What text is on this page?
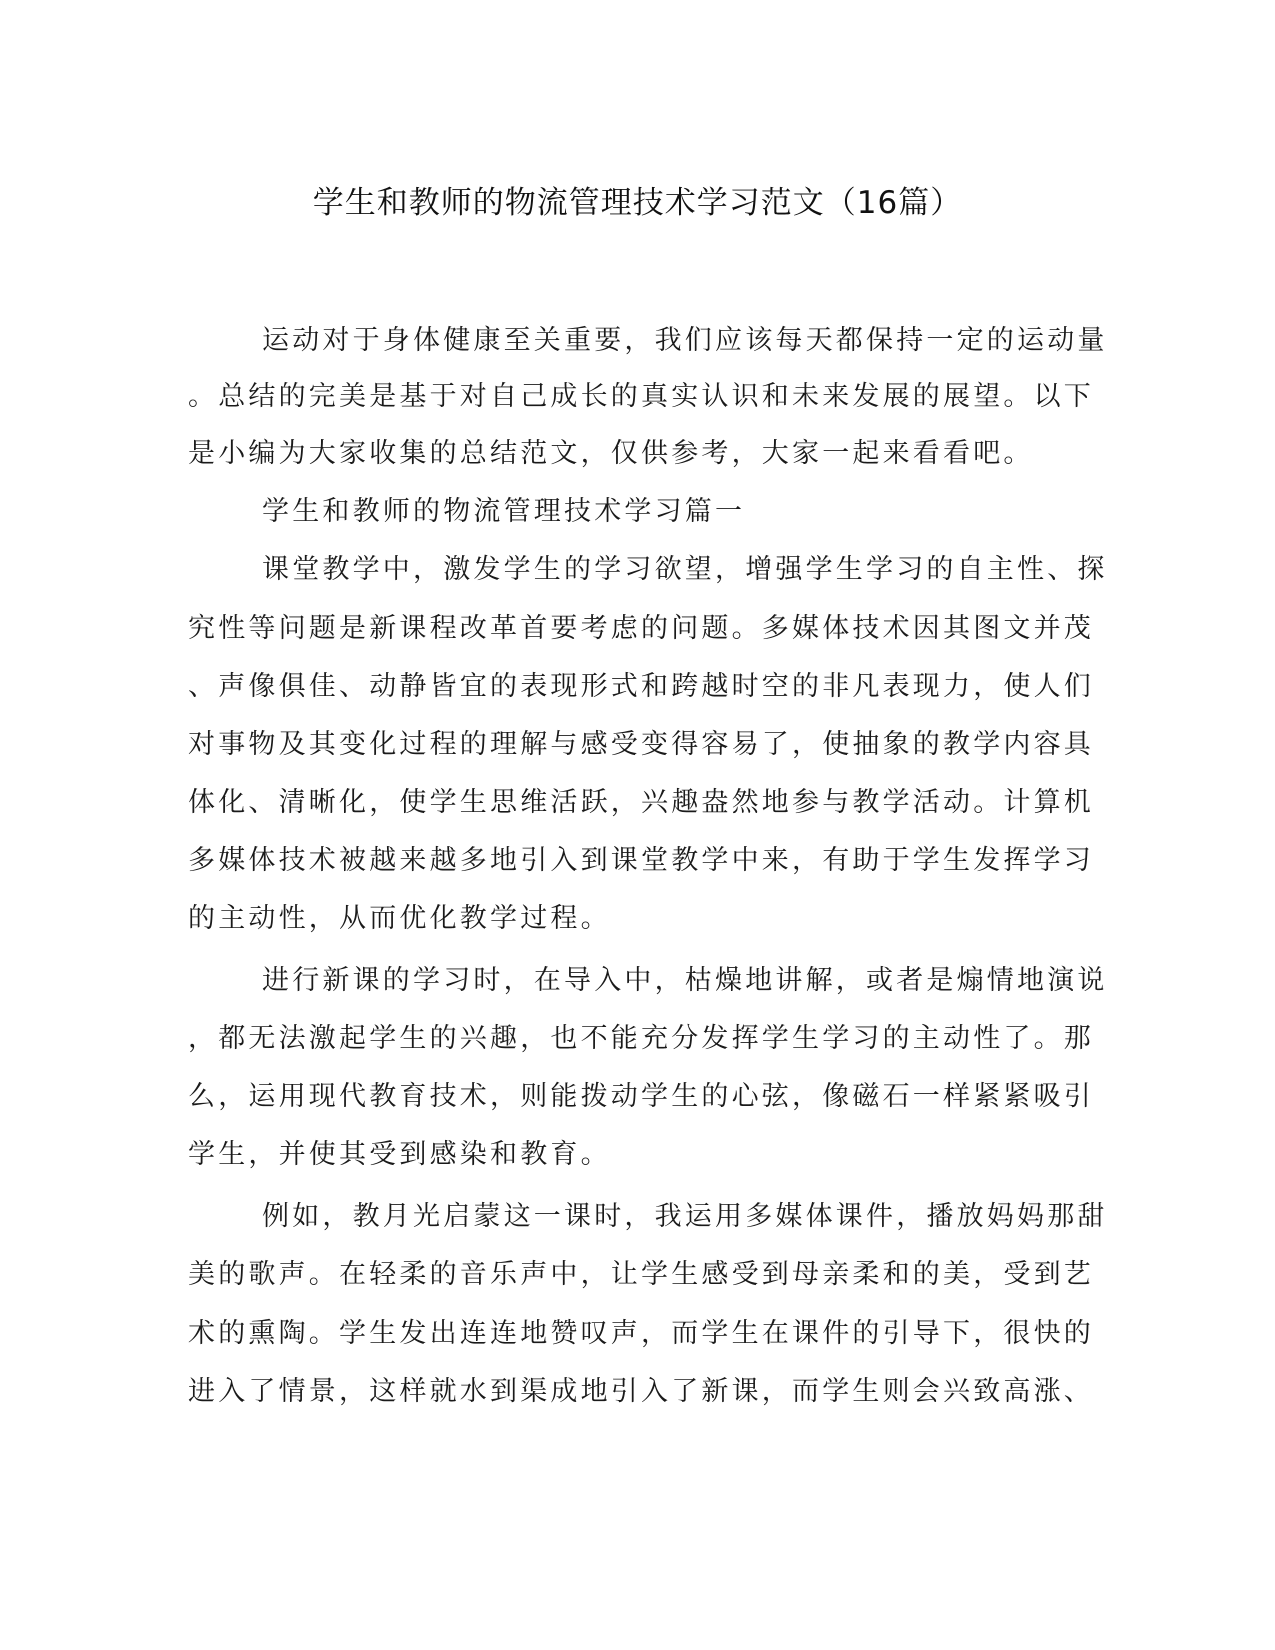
学生和教师的物流管理技术学习范文（16篇）
运动对于身体健康至关重要，我们应该每天都保持一定的运动量
。总结的完美是基于对自己成长的真实认识和未来发展的展望。以下
是小编为大家收集的总结范文，仅供参考，大家一起来看看吧。
学生和教师的物流管理技术学习篇一
课堂教学中，激发学生的学习欲望，增强学生学习的自主性、探
究性等问题是新课程改革首要考虑的问题。多媒体技术因其图文并茂
、声像俱佳、动静皆宜的表现形式和跨越时空的非凡表现力，使人们
对事物及其变化过程的理解与感受变得容易了，使抽象的教学内容具
体化、清晰化，使学生思维活跃，兴趣盎然地参与教学活动。计算机
多媒体技术被越来越多地引入到课堂教学中来，有助于学生发挥学习
的主动性，从而优化教学过程。
进行新课的学习时，在导入中，枯燥地讲解，或者是煽情地演说
，都无法激起学生的兴趣，也不能充分发挥学生学习的主动性了。那
么，运用现代教育技术，则能拨动学生的心弦，像磁石一样紧紧吸引
学生，并使其受到感染和教育。
例如，教月光启蒙这一课时，我运用多媒体课件，播放妈妈那甜
美的歌声。在轻柔的音乐声中，让学生感受到母亲柔和的美，受到艺
术的熏陶。学生发出连连地赞叹声，而学生在课件的引导下，很快的
进入了情景，这样就水到渠成地引入了新课，而学生则会兴致高涨、
